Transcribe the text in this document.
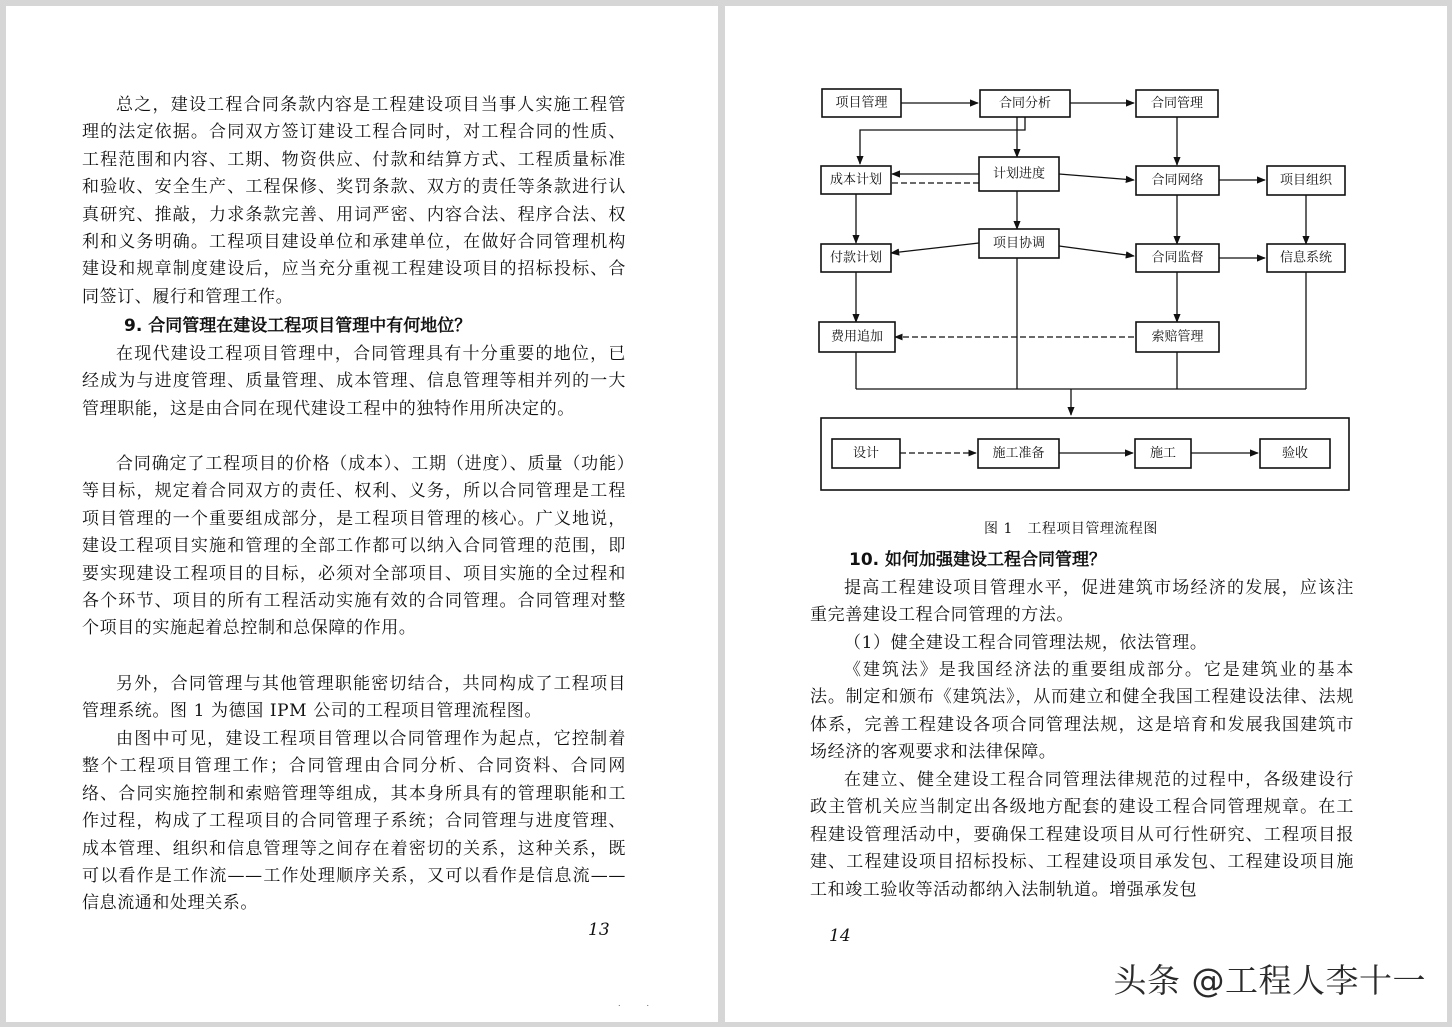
总之，建设工程合同条款内容是工程建设项目当事人实施工程管理的法定依据。合同双方签订建设工程合同时，对工程合同的性质、工程范围和内容、工期、物资供应、付款和结算方式、工程质量标准和验收、安全生产、工程保修、奖罚条款、双方的责任等条款进行认真研究、推敲，力求条款完善、用词严密、内容合法、程序合法、权利和义务明确。工程项目建设单位和承建单位，在做好合同管理机构建设和规章制度建设后，应当充分重视工程建设项目的招标投标、合同签订、履行和管理工作。

9. 合同管理在建设工程项目管理中有何地位？

在现代建设工程项目管理中，合同管理具有十分重要的地位，已经成为与进度管理、质量管理、成本管理、信息管理等相并列的一大管理职能，这是由合同在现代建设工程中的独特作用所决定的。

合同确定了工程项目的价格（成本）、工期（进度）、质量（功能）等目标，规定着合同双方的责任、权利、义务，所以合同管理是工程项目管理的一个重要组成部分，是工程项目管理的核心。广义地说，建设工程项目实施和管理的全部工作都可以纳入合同管理的范围，即要实现建设工程项目的目标，必须对全部项目、项目实施的全过程和各个环节、项目的所有工程活动实施有效的合同管理。合同管理对整个项目的实施起着总控制和总保障的作用。

另外，合同管理与其他管理职能密切结合，共同构成了工程项目管理系统。图 1 为德国 IPM 公司的工程项目管理流程图。

由图中可见，建设工程项目管理以合同管理作为起点，它控制着整个工程项目管理工作；合同管理由合同分析、合同资料、合同网络、合同实施控制和索赔管理等组成，其本身所具有的管理职能和工作过程，构成了工程项目的合同管理子系统；合同管理与进度管理、成本管理、组织和信息管理等之间存在着密切的关系，这种关系，既可以看作是工作流——工作处理顺序关系，又可以看作是信息流——信息流通和处理关系。

13
..
项目管理	合同分析	合同管理
成本计划	计划进度	合同网络	项目组织
付款计划
项目协调
合同监督	信息系统
费用追加	索赔管理
设计	施工准备	施工	验收
图 1　工程项目管理流程图

10. 如何加强建设工程合同管理？

提高工程建设项目管理水平，促进建筑市场经济的发展，应该注重完善建设工程合同管理的方法。

（1）健全建设工程合同管理法规，依法管理。

《建筑法》是我国经济法的重要组成部分。它是建筑业的基本法。制定和颁布《建筑法》，从而建立和健全我国工程建设法律、法规体系，完善工程建设各项合同管理法规，这是培育和发展我国建筑市场经济的客观要求和法律保障。

在建立、健全建设工程合同管理法律规范的过程中，各级建设行政主管机关应当制定出各级地方配套的建设工程合同管理规章。在工程建设管理活动中，要确保工程建设项目从可行性研究、工程项目报建、工程建设项目招标投标、工程建设项目承发包、工程建设项目施工和竣工验收等活动都纳入法制轨道。增强承发包

14
头条 @工程人李十一
